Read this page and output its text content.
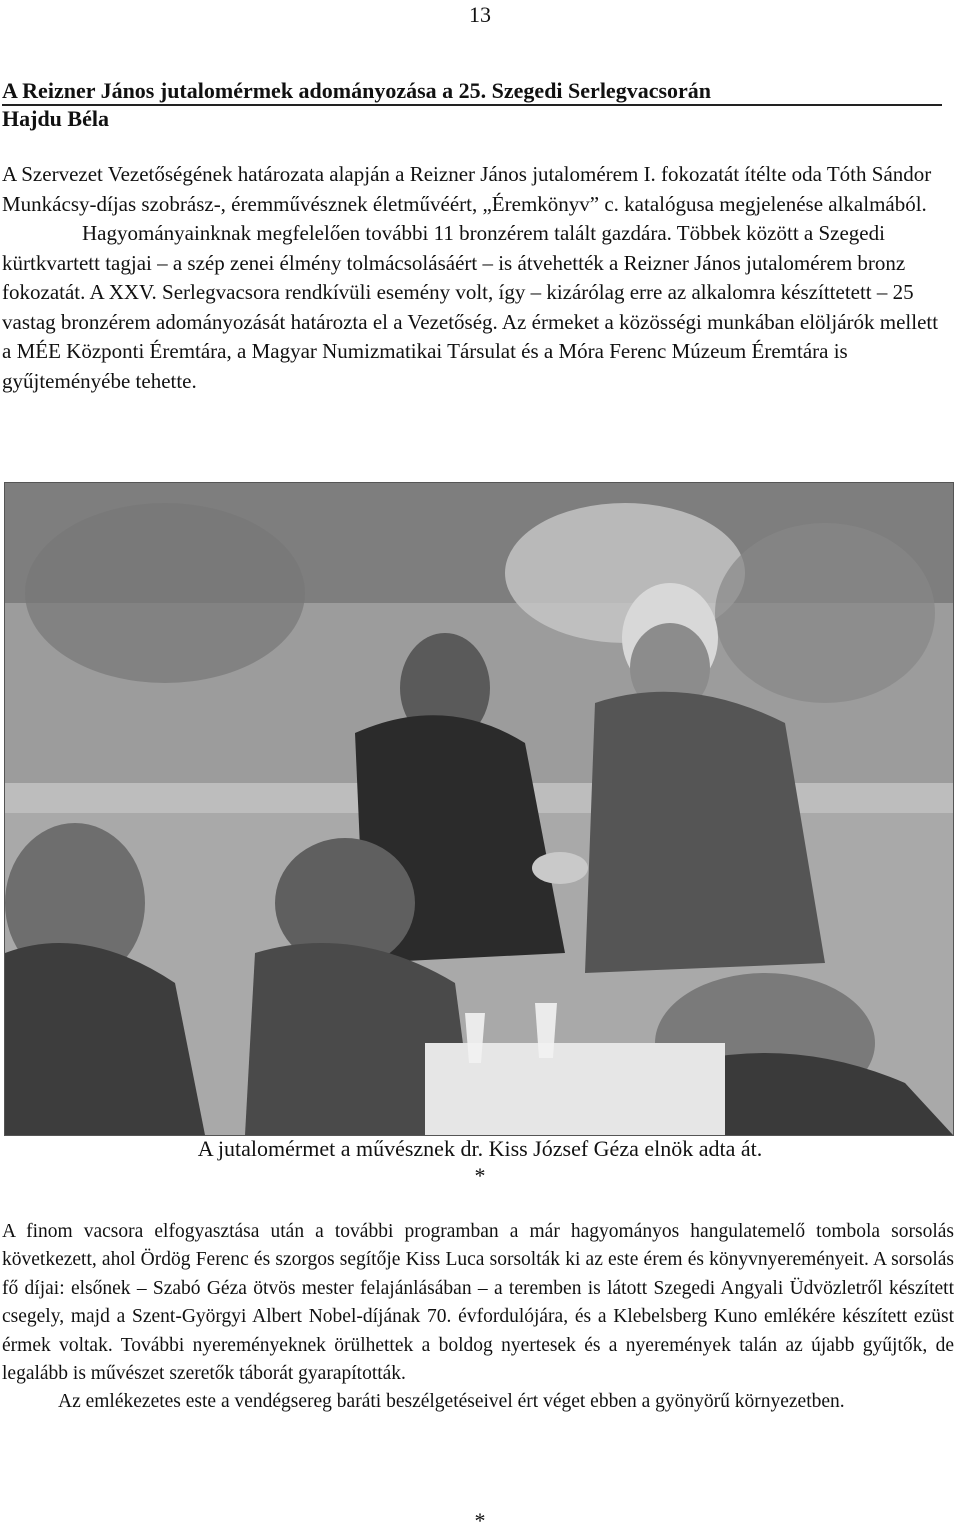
13
A Reizner János jutalomérmek adományozása a 25. Szegedi Serlegvacsorán
Hajdu Béla

A Szervezet Vezetőségének határozata alapján a Reizner János jutalomérem I. fokozatát ítélte oda Tóth Sándor Munkácsy-díjas szobrász-, éremművésznek életművéért, „Éremkönyv” c. katalógusa megjelenése alkalmából.

Hagyományainknak megfelelően további 11 bronzérem talált gazdára. Többek között a Szegedi kürtkvartett tagjai – a szép zenei élmény tolmácsolásáért – is átvehették a Reizner János jutalomérem bronz fokozatát. A XXV. Serlegvacsora rendkívüli esemény volt, így – kizárólag erre az alkalomra készíttetett – 25 vastag bronzérem adományozását határozta el a Vezetőség. Az érmeket a közösségi munkában elöljárók mellett a MÉE Központi Éremtára, a Magyar Numizmatikai Társulat és a Móra Ferenc Múzeum Éremtára is gyűjteményébe tehette.

A jutalomérmet a művésznek dr. Kiss József Géza elnök adta át.

*

A finom vacsora elfogyasztása után a további programban a már hagyományos hangulatemelő tombola sorsolás következett, ahol Ördög Ferenc és szorgos segítője Kiss Luca sorsolták ki az este érem és könyvnyereményeit. A sorsolás fő díjai: elsőnek – Szabó Géza ötvös mester felajánlásában – a teremben is látott Szegedi Angyali Üdvözletről készített csegely, majd a Szent-Györgyi Albert Nobel-díjának 70. évfordulójára, és a Klebelsberg Kuno emlékére készített ezüst érmek voltak. További nyereményeknek örülhettek a boldog nyertesek és a nyeremények talán az újabb gyűjtők, de legalább is művészet szeretők táborát gyarapították.

Az emlékezetes este a vendégsereg baráti beszélgetéseivel ért véget ebben a gyönyörű környezetben.

*
